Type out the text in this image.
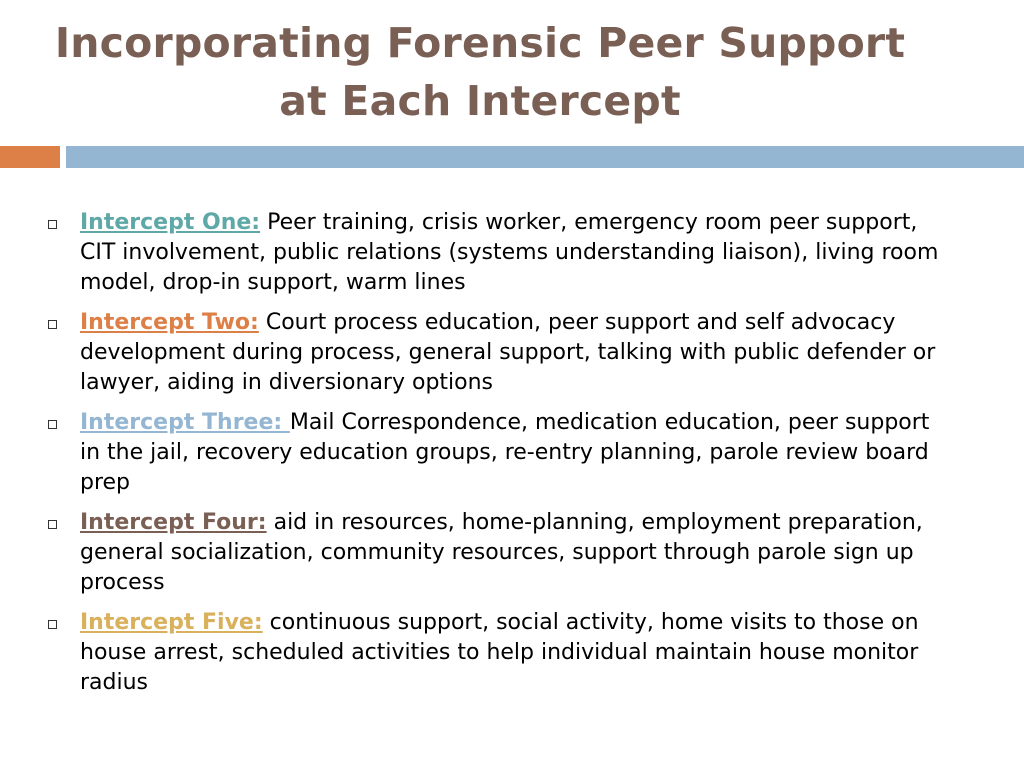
Incorporating Forensic Peer Support
at Each Intercept
Intercept One: Peer training, crisis worker, emergency room peer support, CIT involvement, public relations (systems understanding liaison), living room model, drop-in support, warm lines
Intercept Two: Court process education, peer support and self advocacy development during process, general support, talking with public defender or lawyer, aiding in diversionary options
Intercept Three: Mail Correspondence, medication education, peer support in the jail, recovery education groups, re-entry planning, parole review board prep
Intercept Four: aid in resources, home-planning, employment preparation, general socialization, community resources, support through parole sign up process
Intercept Five: continuous support, social activity, home visits to those on house arrest, scheduled activities to help individual maintain house monitor radius
